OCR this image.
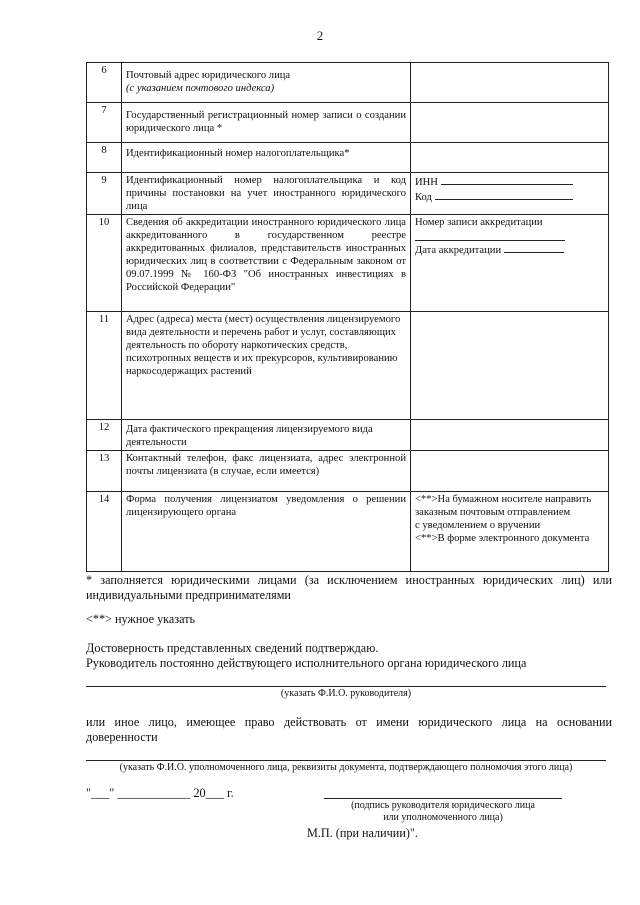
2
6	Почтовый адрес юридического лица
(с указанием почтового индекса)	
7	Государственный регистрационный номер записи о создании юридического лица *	
8	Идентификационный номер налогоплательщика*	
9	Идентификационный номер налогоплательщика и код причины постановки на учет иностранного юридического лица	ИНН
Код

10	Сведения об аккредитации иностранного юридического лица аккредитованного в государственном реестре аккредитованных филиалов, представительств иностранных юридических лиц в соответствии с Федеральным законом от 09.07.1999 № 160-ФЗ "Об иностранных инвестициях в Российской Федерации"	Номер записи аккредитации
Дата аккредитации

11	Адрес (адреса) места (мест) осуществления лицензируемого вида деятельности и перечень работ и услуг, составляющих деятельность по обороту наркотических средств, психотропных веществ и их прекурсоров, культивированию наркосодержащих растений	
12	Дата фактического прекращения лицензируемого вида деятельности	
13	Контактный телефон, факс лицензиата, адрес электронной почты лицензиата (в случае, если имеется)	
14	Форма получения лицензиатом уведомления о решении лицензирующего органа	<**>На бумажном носителе направить заказным почтовым отправлением
с уведомлением о вручении
<**>В форме электронного документа
* заполняется юридическими лицами (за исключением иностранных юридических лиц) или индивидуальными предпринимателями
<**> нужное указать
Достоверность представленных сведений подтверждаю.
Руководитель постоянно действующего исполнительного органа юридического лица
(указать Ф.И.О. руководителя)
или иное лицо, имеющее право действовать от имени юридического лица на основании доверенности
(указать Ф.И.О. уполномоченного лица, реквизиты документа, подтверждающего полномочия этого лица)
"___" ____________ 20___ г.
(подпись руководителя юридического лица
или уполномоченного лица)
М.П. (при наличии)".
